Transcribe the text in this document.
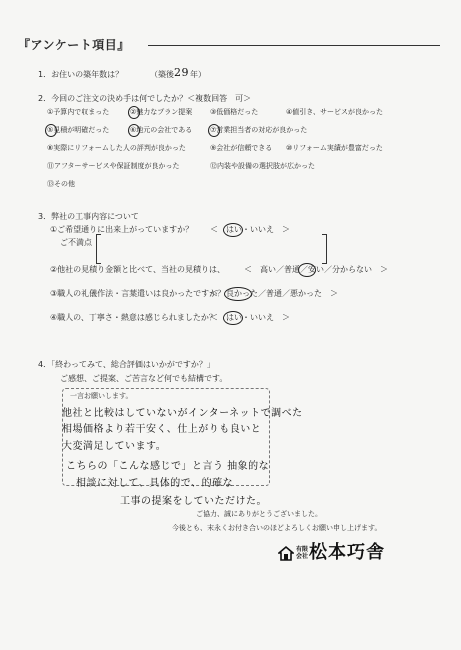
『アンケート項目』
1．お住いの築年数は？	（築後 29 年）
2．今回のご注文の決め手は何でしたか？＜複数回答　可＞
①予算内で収まった	②魅力なプラン提案	③低価格だった	④値引き、サービスが良かった
⑤見積が明確だった	⑥地元の会社である	⑦営業担当者の対応が良かった
⑧実際にリフォームした人の評判が良かった	⑨会社が信頼できる ⑩リフォーム実績が豊富だった
⑪アフターサービスや保証制度が良かった	⑫内装や設備の選択肢が広かった
⑬その他
3．弊社の工事内容について
①ご希望通りに出来上がっていますか？ ＜　はい・いいえ　＞
ご不満点
②他社の見積り金額と比べて、当社の見積りは、 ＜　高い／普通／安い／分からない　＞
③職人の礼儀作法・言葉遣いは良かったですか？
＜　良かった／普通／悪かった　＞
④職人の、丁寧さ・熱意は感じられましたか？
＜　はい・いいえ　＞
4．「終わってみて、総合評価はいかがですか？」
ご感想、ご提案、ご苦言など何でも結構です。
一言お願いします。
他社と比較はしていないがインターネットで調べた
相場価格より若干安く、仕上がりも良いと
大変満足しています。
こちらの「こんな感じで」と言う 抽象的な
相談に対して、具体的で、的確な
工事の提案をしていただけた。
ご協力、誠にありがとうございました。
今後とも、末永くお付き合いのほどよろしくお願い申し上げます。
有限
会社 松本巧舎
